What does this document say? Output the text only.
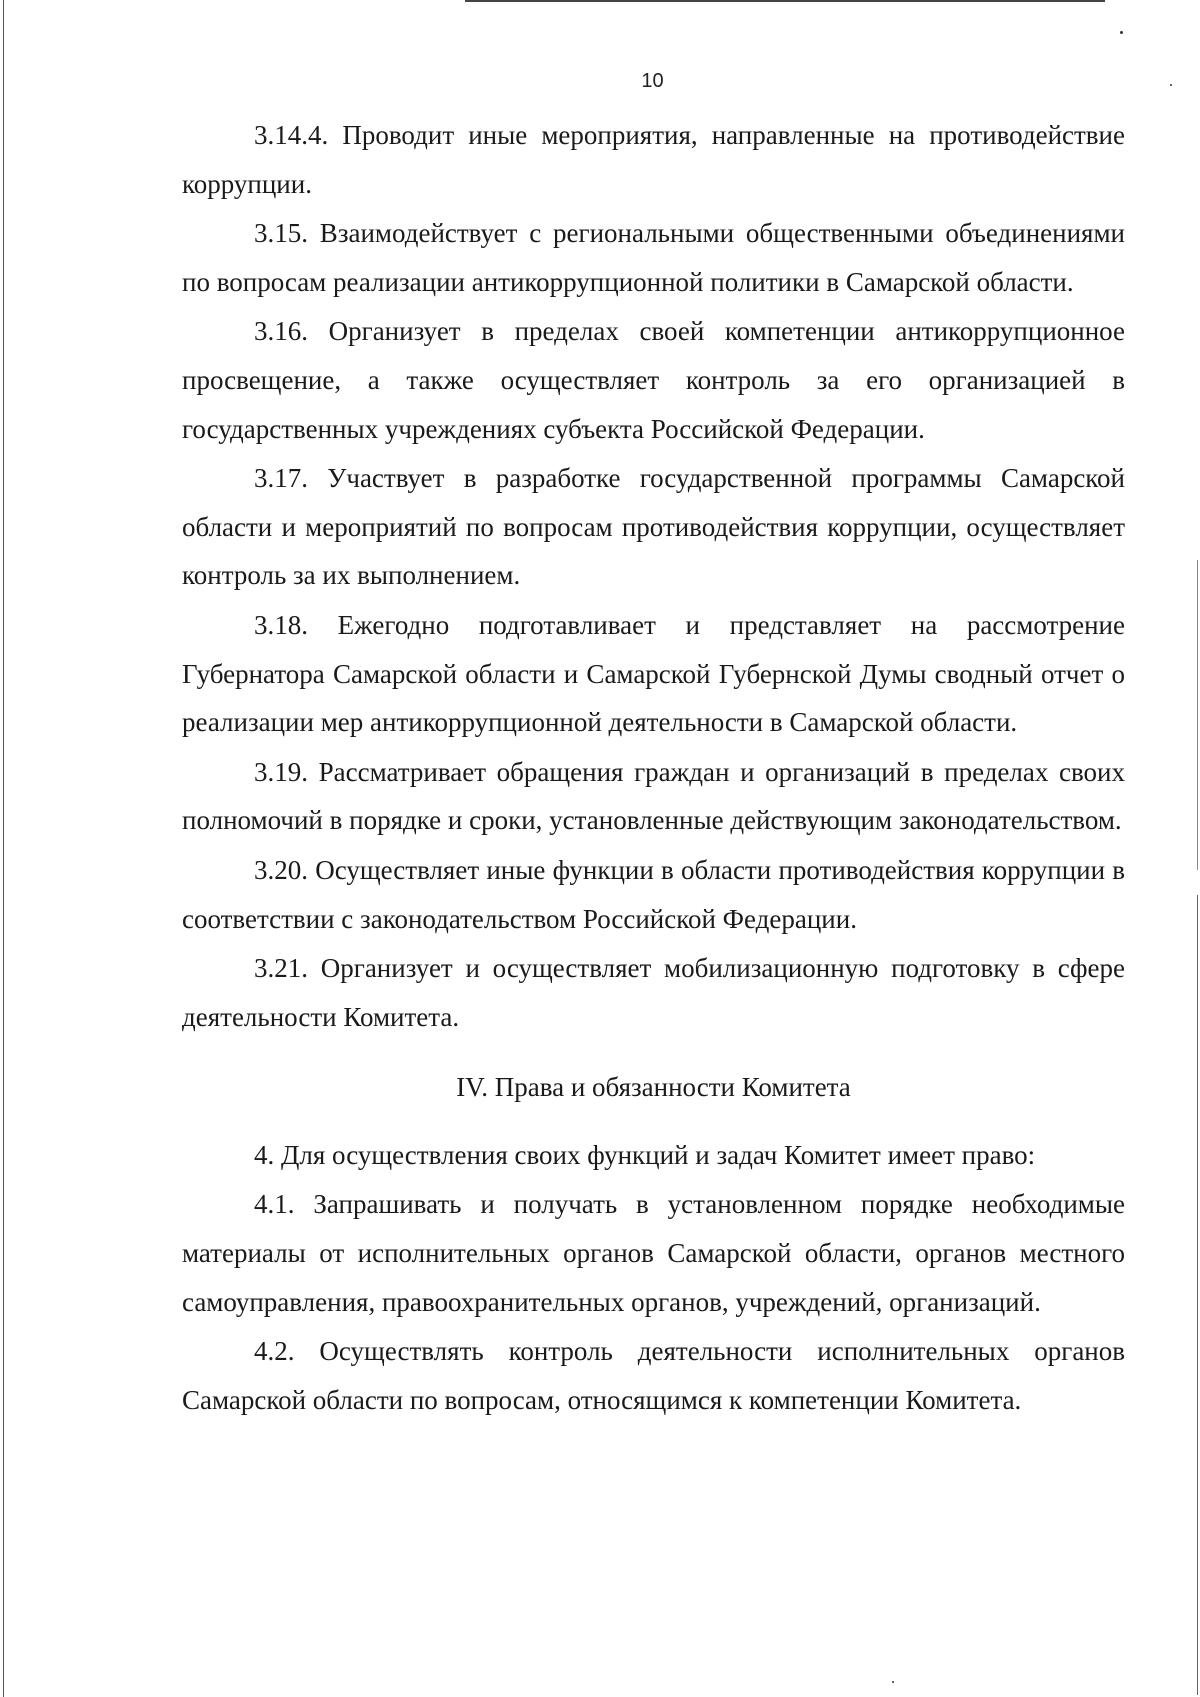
10

3.14.4. Проводит иные мероприятия, направленные на противодействие коррупции.

3.15. Взаимодействует с региональными общественными объединениями по вопросам реализации антикоррупционной политики в Самарской области.

3.16. Организует в пределах своей компетенции антикоррупционное просвещение, а также осуществляет контроль за его организацией в государственных учреждениях субъекта Российской Федерации.

3.17. Участвует в разработке государственной программы Самарской области и мероприятий по вопросам противодействия коррупции, осуществляет контроль за их выполнением.

3.18. Ежегодно подготавливает и представляет на рассмотрение Губернатора Самарской области и Самарской Губернской Думы сводный отчет о реализации мер антикоррупционной деятельности в Самарской области.

3.19. Рассматривает обращения граждан и организаций в пределах своих полномочий в порядке и сроки, установленные действующим законодательством.

3.20. Осуществляет иные функции в области противодействия коррупции в соответствии с законодательством Российской Федерации.

3.21. Организует и осуществляет мобилизационную подготовку в сфере деятельности Комитета.

IV. Права и обязанности Комитета

4. Для осуществления своих функций и задач Комитет имеет право:

4.1. Запрашивать и получать в установленном порядке необходимые материалы от исполнительных органов Самарской области, органов местного самоуправления, правоохранительных органов, учреждений, организаций.

4.2. Осуществлять контроль деятельности исполнительных органов Самарской области по вопросам, относящимся к компетенции Комитета.
